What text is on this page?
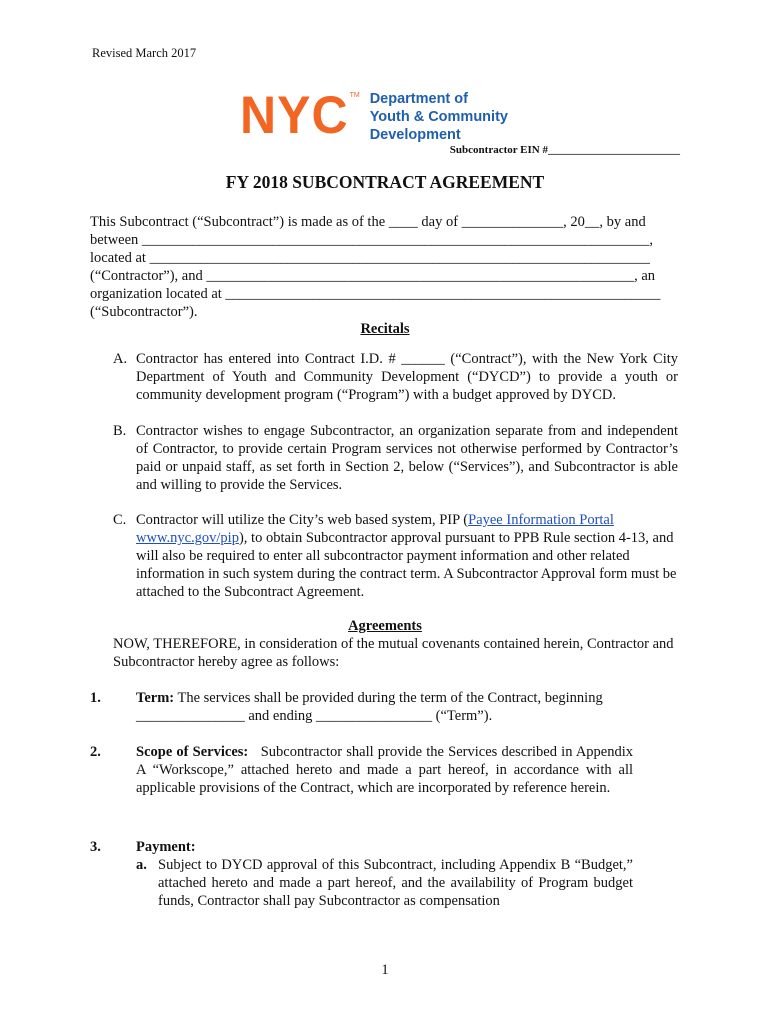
Revised March 2017
NYC TM Department of
Youth & Community
Development
Subcontractor EIN #________________________
FY 2018 SUBCONTRACT AGREEMENT
This Subcontract (“Subcontract”) is made as of the ____ day of ______________, 20__, by and
between ______________________________________________________________________,
located at _____________________________________________________________________
(“Contractor”), and ___________________________________________________________, an
organization located at ____________________________________________________________
(“Subcontractor”).
Recitals
A. Contractor has entered into Contract I.D. # ______ (“Contract”), with the New York City Department of Youth and Community Development (“DYCD”) to provide a youth or community development program (“Program”) with a budget approved by DYCD.
B. Contractor wishes to engage Subcontractor, an organization separate from and independent of Contractor, to provide certain Program services not otherwise performed by Contractor’s paid or unpaid staff, as set forth in Section 2, below (“Services”), and Subcontractor is able and willing to provide the Services.
C. Contractor will utilize the City’s web based system, PIP (Payee Information Portal www.nyc.gov/pip), to obtain Subcontractor approval pursuant to PPB Rule section 4-13, and will also be required to enter all subcontractor payment information and other related information in such system during the contract term. A Subcontractor Approval form must be attached to the Subcontract Agreement.
Agreements
NOW, THEREFORE, in consideration of the mutual covenants contained herein, Contractor and Subcontractor hereby agree as follows:
1.	Term: The services shall be provided during the term of the Contract, beginning _______________ and ending ________________ (“Term”).
2.	Scope of Services:   Subcontractor shall provide the Services described in Appendix A “Workscope,” attached hereto and made a part hereof, in accordance with all applicable provisions of the Contract, which are incorporated by reference herein.
3.	Payment:
a. Subject to DYCD approval of this Subcontract, including Appendix B “Budget,” attached hereto and made a part hereof, and the availability of Program budget funds, Contractor shall pay Subcontractor as compensation
1
